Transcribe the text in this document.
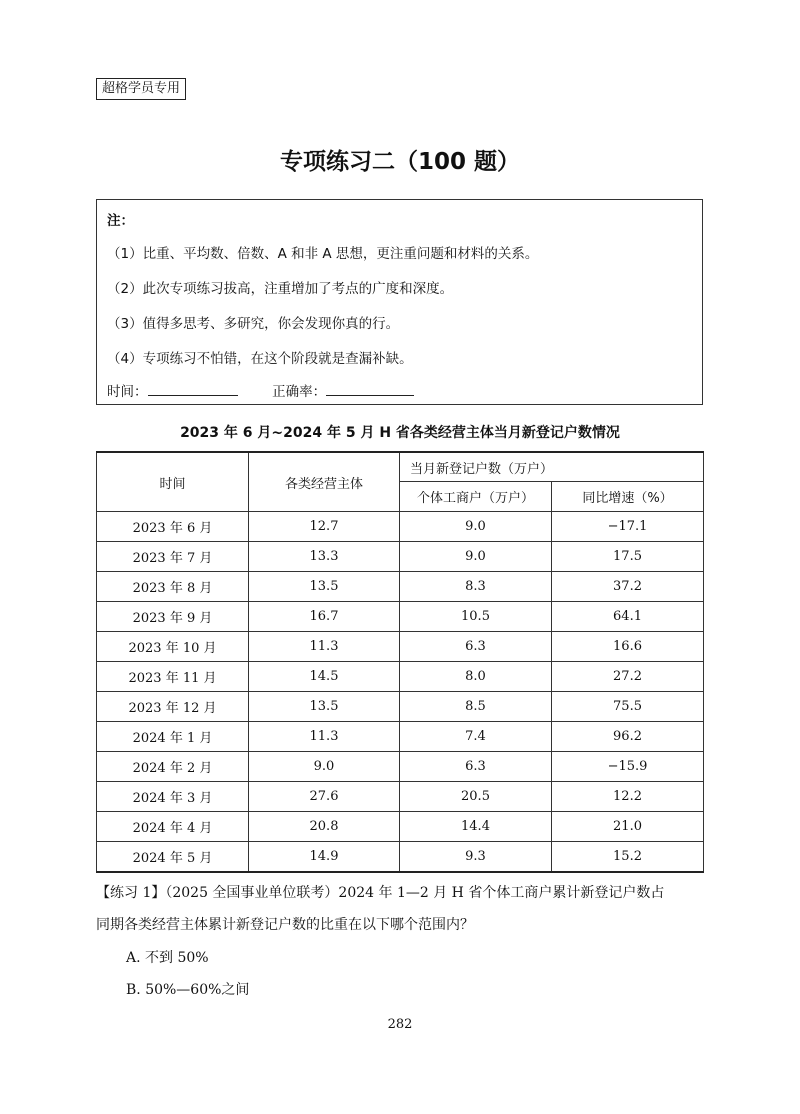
超格学员专用
专项练习二（100 题）
注：
（1）比重、平均数、倍数、A 和非 A 思想，更注重问题和材料的关系。
（2）此次专项练习拔高，注重增加了考点的广度和深度。
（3）值得多思考、多研究，你会发现你真的行。
（4）专项练习不怕错，在这个阶段就是查漏补缺。
时间：	正确率：
2023 年 6 月~2024 年 5 月 H 省各类经营主体当月新登记户数情况
时间	各类经营主体	当月新登记户数（万户）	
		个体工商户（万户）	同比增速（%）
2023 年 6 月	12.7	9.0	−17.1
2023 年 7 月	13.3	9.0	17.5
2023 年 8 月	13.5	8.3	37.2
2023 年 9 月	16.7	10.5	64.1
2023 年 10 月	11.3	6.3	16.6
2023 年 11 月	14.5	8.0	27.2
2023 年 12 月	13.5	8.5	75.5
2024 年 1 月	11.3	7.4	96.2
2024 年 2 月	9.0	6.3	−15.9
2024 年 3 月	27.6	20.5	12.2
2024 年 4 月	20.8	14.4	21.0
2024 年 5 月	14.9	9.3	15.2
【练习 1】（2025 全国事业单位联考）2024 年 1—2 月 H 省个体工商户累计新登记户数占
同期各类经营主体累计新登记户数的比重在以下哪个范围内？
A. 不到 50%
B. 50%—60%之间
282
